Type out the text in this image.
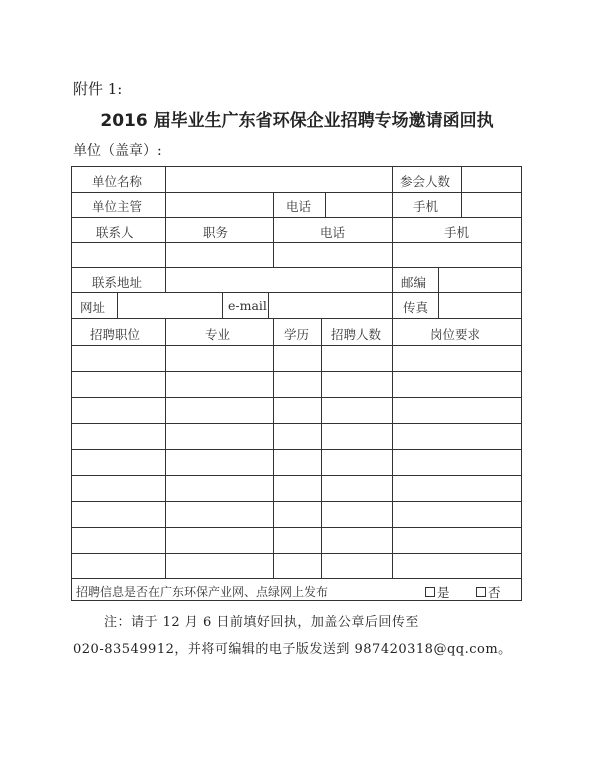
附件 1:
2016 届毕业生广东省环保企业招聘专场邀请函回执
单位（盖章）:
单位名称	参会人数
单位主管	电话	手机
联系人	职务	电话	手机
联系地址	邮编
网址	e-mail	传真
招聘职位	专业	学历 招聘人数	岗位要求
招聘信息是否在广东环保产业网、点绿网上发布	是	否
注：请于 12 月 6 日前填好回执，加盖公章后回传至
020-83549912，并将可编辑的电子版发送到 987420318@qq.com。
